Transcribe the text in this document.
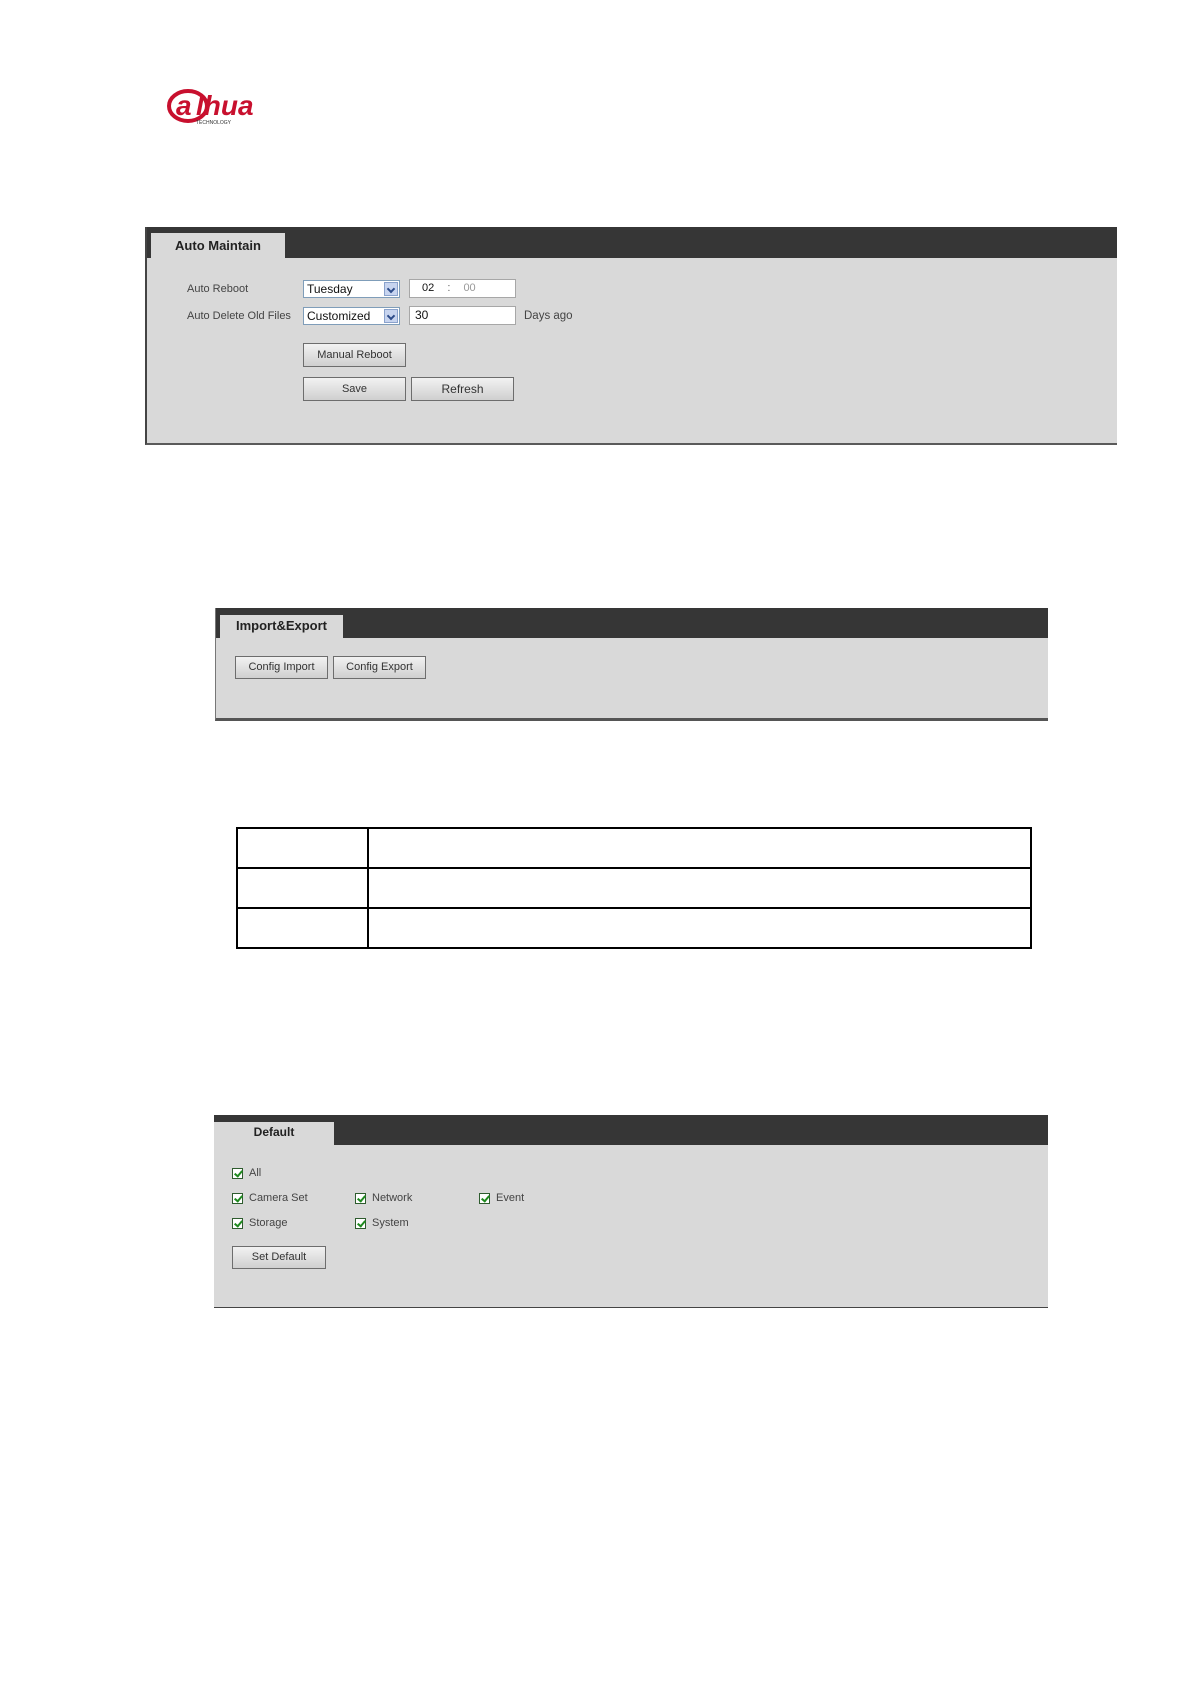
a lhua
TECHNOLOGY
Auto Maintain
Auto Reboot	Tuesday	02 : 00
Auto Delete Old Files	Customized	30	Days ago
Manual Reboot
Save	Refresh
Import&Export
Config Import	Config Export

Default
All
Camera Set	Network	Event
Storage	System
Set Default
